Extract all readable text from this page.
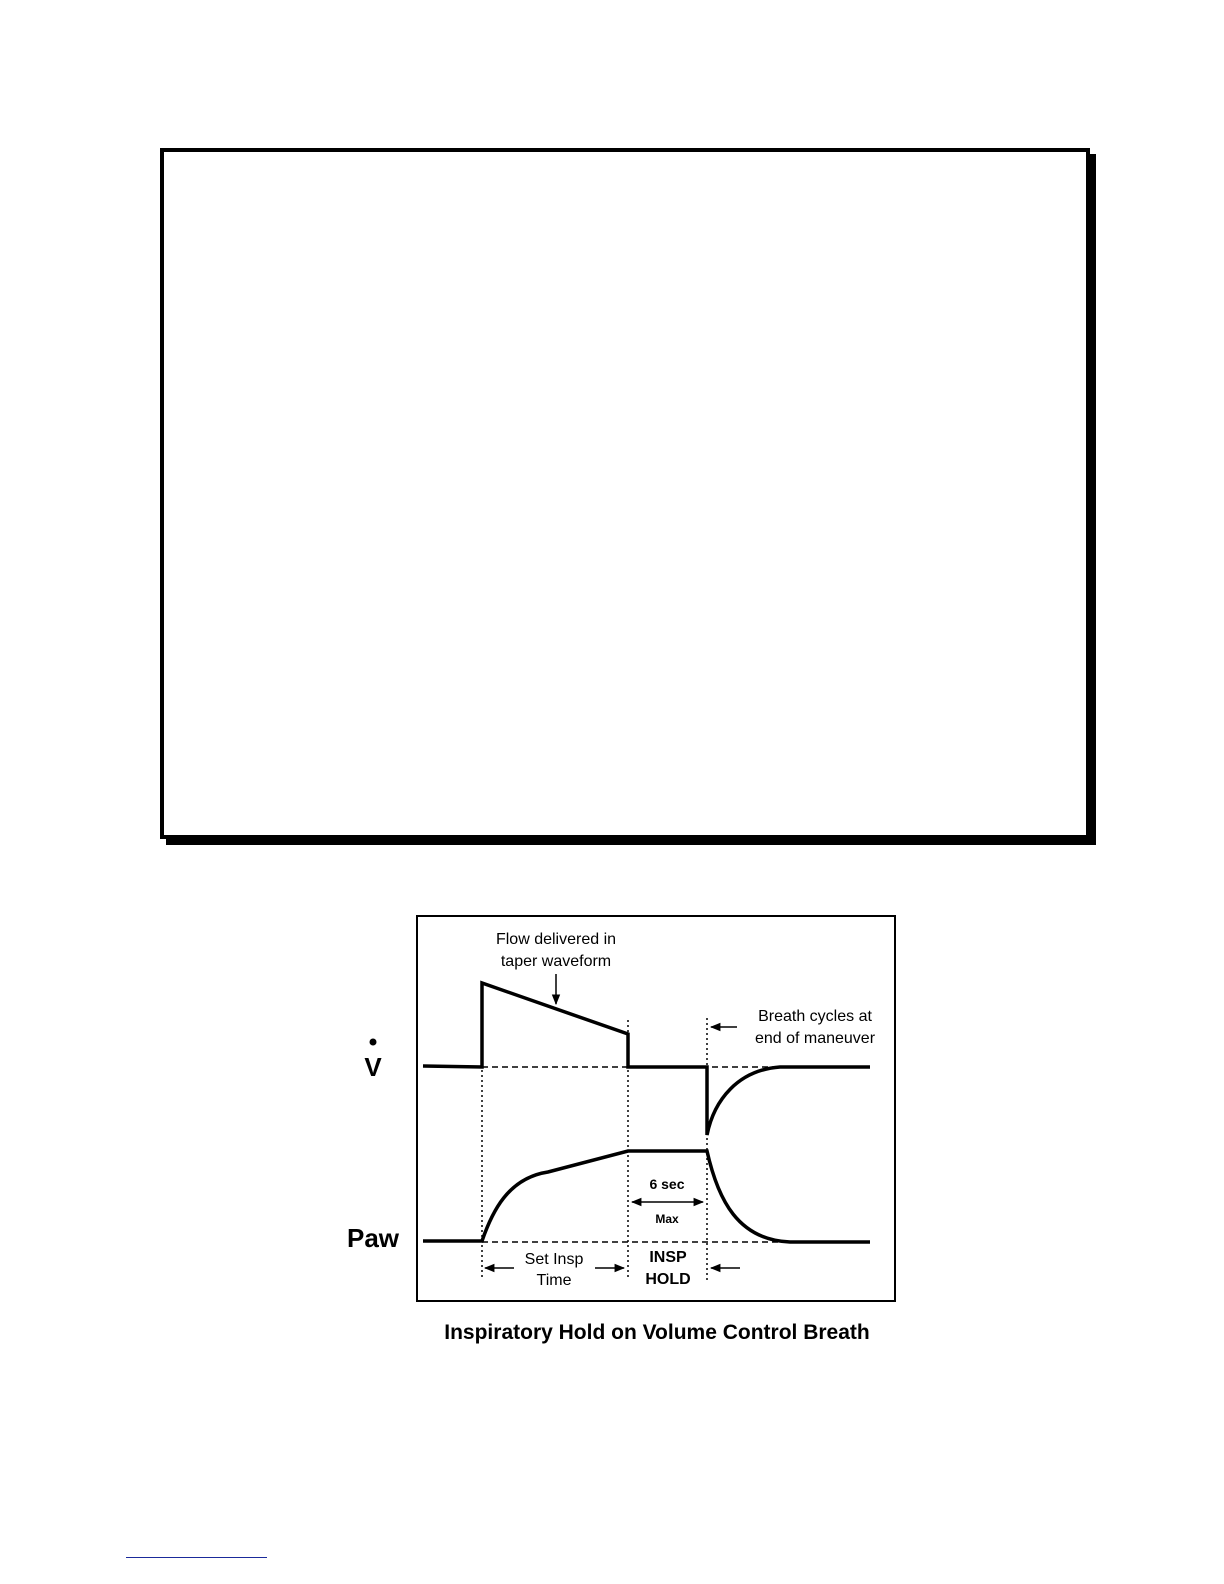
V
Paw
Flow delivered in
taper waveform
Breath cycles at
end of maneuver
6 sec
Max
Set Insp
Time
INSP
HOLD
Inspiratory Hold on Volume Control Breath
